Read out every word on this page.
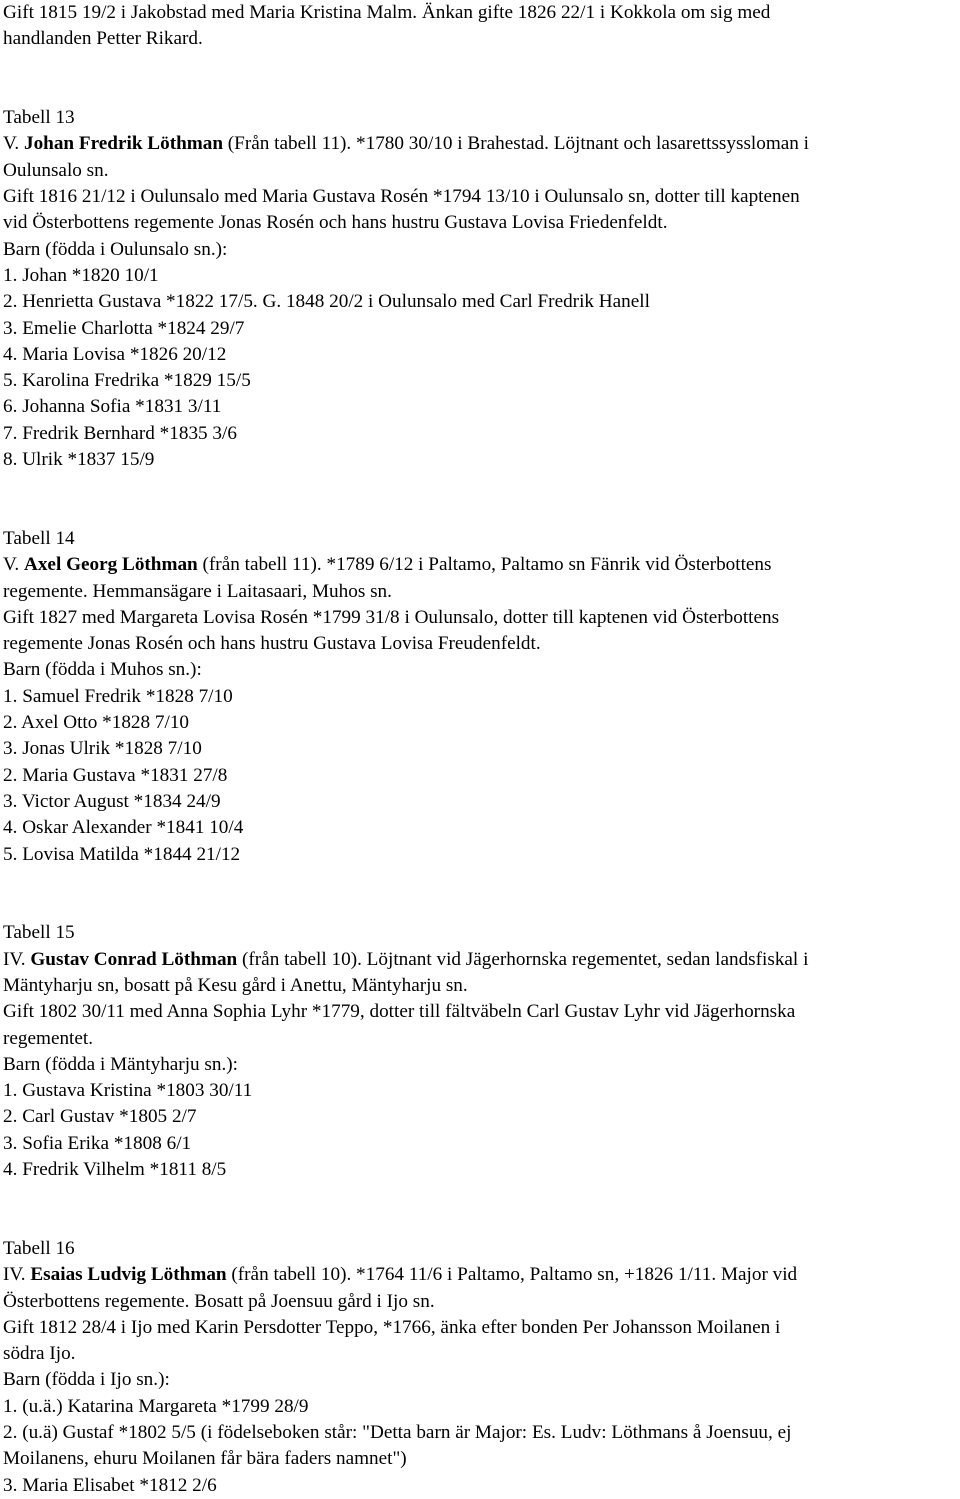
Gift 1815 19/2 i Jakobstad med Maria Kristina Malm. Änkan gifte 1826 22/1 i Kokkola om sig med
handlanden Petter Rikard.
Tabell 13
V. Johan Fredrik Löthman (Från tabell 11). *1780 30/10 i Brahestad. Löjtnant och lasarettssyssloman i
Oulunsalo sn.
Gift 1816 21/12 i Oulunsalo med Maria Gustava Rosén *1794 13/10 i Oulunsalo sn, dotter till kaptenen
vid Österbottens regemente Jonas Rosén och hans hustru Gustava Lovisa Friedenfeldt.
Barn (födda i Oulunsalo sn.):
1. Johan *1820 10/1
2. Henrietta Gustava *1822 17/5. G. 1848 20/2 i Oulunsalo med Carl Fredrik Hanell
3. Emelie Charlotta *1824 29/7
4. Maria Lovisa *1826 20/12
5. Karolina Fredrika *1829 15/5
6. Johanna Sofia *1831 3/11
7. Fredrik Bernhard *1835 3/6
8. Ulrik *1837 15/9
Tabell 14
V. Axel Georg Löthman (från tabell 11). *1789 6/12 i Paltamo, Paltamo sn Fänrik vid Österbottens
regemente. Hemmansägare i Laitasaari, Muhos sn.
Gift 1827 med Margareta Lovisa Rosén *1799 31/8 i Oulunsalo, dotter till kaptenen vid Österbottens
regemente Jonas Rosén och hans hustru Gustava Lovisa Freudenfeldt.
Barn (födda i Muhos sn.):
1. Samuel Fredrik *1828 7/10
2. Axel Otto *1828 7/10
3. Jonas Ulrik *1828 7/10
2. Maria Gustava *1831 27/8
3. Victor August *1834 24/9
4. Oskar Alexander *1841 10/4
5. Lovisa Matilda *1844 21/12
Tabell 15
IV. Gustav Conrad Löthman (från tabell 10). Löjtnant vid Jägerhornska regementet, sedan landsfiskal i
Mäntyharju sn, bosatt på Kesu gård i Anettu, Mäntyharju sn.
Gift 1802 30/11 med Anna Sophia Lyhr *1779, dotter till fältväbeln Carl Gustav Lyhr vid Jägerhornska
regementet.
Barn (födda i Mäntyharju sn.):
1. Gustava Kristina *1803 30/11
2. Carl Gustav *1805 2/7
3. Sofia Erika *1808 6/1
4. Fredrik Vilhelm *1811 8/5
Tabell 16
IV. Esaias Ludvig Löthman (från tabell 10). *1764 11/6 i Paltamo, Paltamo sn, +1826 1/11. Major vid
Österbottens regemente. Bosatt på Joensuu gård i Ijo sn.
Gift 1812 28/4 i Ijo med Karin Persdotter Teppo, *1766, änka efter bonden Per Johansson Moilanen i
södra Ijo.
Barn (födda i Ijo sn.):
1. (u.ä.) Katarina Margareta *1799 28/9
2. (u.ä) Gustaf *1802 5/5 (i födelseboken står: "Detta barn är Major: Es. Ludv: Löthmans å Joensuu, ej
Moilanens, ehuru Moilanen får bära faders namnet")
3. Maria Elisabet *1812 2/6
